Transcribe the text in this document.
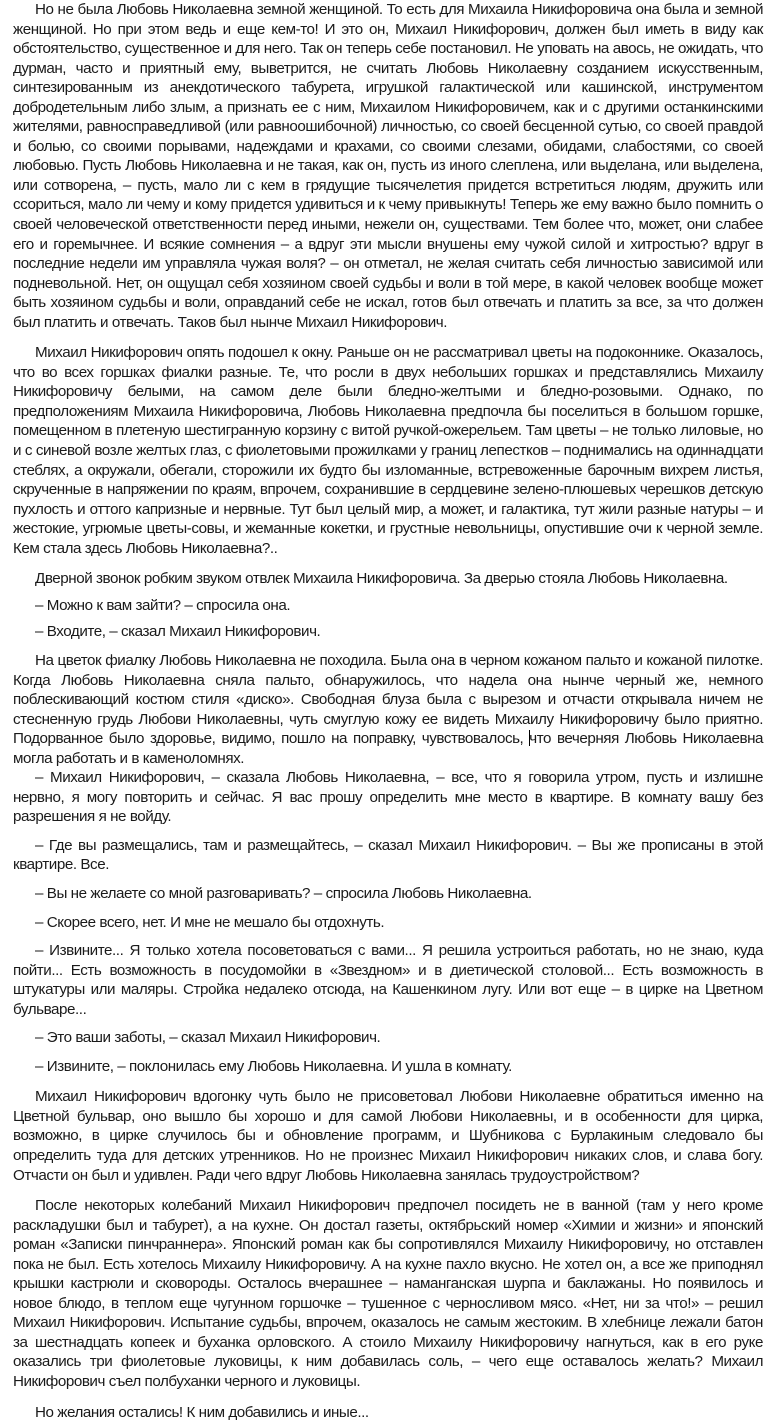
Но не была Любовь Николаевна земной женщиной. То есть для Михаила Никифоровича она была и земной женщиной. Но при этом ведь и еще кем-то! И это он, Михаил Никифорович, должен был иметь в виду как обстоятельство, существенное и для него. Так он теперь себе постановил. Не уповать на авось, не ожидать, что дурман, часто и приятный ему, выветрится, не считать Любовь Николаевну созданием искусственным, синтезированным из анекдотического табурета, игрушкой галактической или кашинской, инструментом добродетельным либо злым, а признать ее с ним, Михаилом Никифоровичем, как и с другими останкинскими жителями, равносправедливой (или равноошибочной) личностью, со своей бесценной сутью, со своей правдой и болью, со своими порывами, надеждами и крахами, со своими слезами, обидами, слабостями, со своей любовью. Пусть Любовь Николаевна и не такая, как он, пусть из иного слеплена, или выделана, или выделена, или сотворена, – пусть, мало ли с кем в грядущие тысячелетия придется встретиться людям, дружить или ссориться, мало ли чему и кому придется удивиться и к чему привыкнуть! Теперь же ему важно было помнить о своей человеческой ответственности перед иными, нежели он, существами. Тем более что, может, они слабее его и горемычнее. И всякие сомнения – а вдруг эти мысли внушены ему чужой силой и хитростью? вдруг в последние недели им управляла чужая воля? – он отметал, не желая считать себя личностью зависимой или подневольной. Нет, он ощущал себя хозяином своей судьбы и воли в той мере, в какой человек вообще может быть хозяином судьбы и воли, оправданий себе не искал, готов был отвечать и платить за все, за что должен был платить и отвечать. Таков был нынче Михаил Никифорович.

Михаил Никифорович опять подошел к окну. Раньше он не рассматривал цветы на подоконнике. Оказалось, что во всех горшках фиалки разные. Те, что росли в двух небольших горшках и представлялись Михаилу Никифоровичу белыми, на самом деле были бледно-желтыми и бледно-розовыми. Однако, по предположениям Михаила Никифоровича, Любовь Николаевна предпочла бы поселиться в большом горшке, помещенном в плетеную шестигранную корзину с витой ручкой-ожерельем. Там цветы – не только лиловые, но и с синевой возле желтых глаз, с фиолетовыми прожилками у границ лепестков – поднимались на одиннадцати стеблях, а окружали, обегали, сторожили их будто бы изломанные, встревоженные барочным вихрем листья, скрученные в напряжении по краям, впрочем, сохранившие в сердцевине зелено-плюшевых черешков детскую пухлость и оттого капризные и нервные. Тут был целый мир, а может, и галактика, тут жили разные натуры – и жестокие, угрюмые цветы-совы, и жеманные кокетки, и грустные невольницы, опустившие очи к черной земле. Кем стала здесь Любовь Николаевна?..

Дверной звонок робким звуком отвлек Михаила Никифоровича. За дверью стояла Любовь Николаевна.

– Можно к вам зайти? – спросила она.

– Входите, – сказал Михаил Никифорович.

На цветок фиалку Любовь Николаевна не походила. Была она в черном кожаном пальто и кожаной пилотке. Когда Любовь Николаевна сняла пальто, обнаружилось, что надела она нынче черный же, немного поблескивающий костюм стиля «диско». Свободная блуза была с вырезом и отчасти открывала ничем не стесненную грудь Любови Николаевны, чуть смуглую кожу ее видеть Михаилу Никифоровичу было приятно. Подорванное было здоровье, видимо, пошло на поправку, чувствовалось, что вечерняя Любовь Николаевна могла работать и в каменоломнях.

– Михаил Никифорович, – сказала Любовь Николаевна, – все, что я говорила утром, пусть и излишне нервно, я могу повторить и сейчас. Я вас прошу определить мне место в квартире. В комнату вашу без разрешения я не войду.

– Где вы размещались, там и размещайтесь, – сказал Михаил Никифорович. – Вы же прописаны в этой квартире. Все.

– Вы не желаете со мной разговаривать? – спросила Любовь Николаевна.

– Скорее всего, нет. И мне не мешало бы отдохнуть.

– Извините... Я только хотела посоветоваться с вами... Я решила устроиться работать, но не знаю, куда пойти... Есть возможность в посудомойки в «Звездном» и в диетической столовой... Есть возможность в штукатуры или маляры. Стройка недалеко отсюда, на Кашенкином лугу. Или вот еще – в цирке на Цветном бульваре...

– Это ваши заботы, – сказал Михаил Никифорович.

– Извините, – поклонилась ему Любовь Николаевна. И ушла в комнату.

Михаил Никифорович вдогонку чуть было не присоветовал Любови Николаевне обратиться именно на Цветной бульвар, оно вышло бы хорошо и для самой Любови Николаевны, и в особенности для цирка, возможно, в цирке случилось бы и обновление программ, и Шубникова с Бурлакиным следовало бы определить туда для детских утренников. Но не произнес Михаил Никифорович никаких слов, и слава богу. Отчасти он был и удивлен. Ради чего вдруг Любовь Николаевна занялась трудоустройством?

После некоторых колебаний Михаил Никифорович предпочел посидеть не в ванной (там у него кроме раскладушки был и табурет), а на кухне. Он достал газеты, октябрьский номер «Химии и жизни» и японский роман «Записки пинчраннера». Японский роман как бы сопротивлялся Михаилу Никифоровичу, но отставлен пока не был. Есть хотелось Михаилу Никифоровичу. А на кухне пахло вкусно. Не хотел он, а все же приподнял крышки кастрюли и сковороды. Осталось вчерашнее – наманганская шурпа и баклажаны. Но появилось и новое блюдо, в теплом еще чугунном горшочке – тушенное с черносливом мясо. «Нет, ни за что!» – решил Михаил Никифорович. Испытание судьбы, впрочем, оказалось не самым жестоким. В хлебнице лежали батон за шестнадцать копеек и буханка орловского. А стоило Михаилу Никифоровичу нагнуться, как в его руке оказались три фиолетовые луковицы, к ним добавилась соль, – чего еще оставалось желать? Михаил Никифорович съел полбуханки черного и луковицы.

Но желания остались! К ним добавились и иные...
